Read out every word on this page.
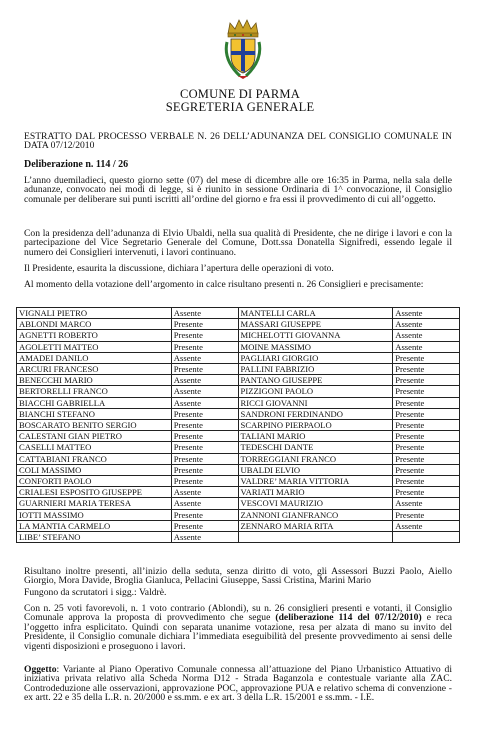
COMUNE DI PARMA
SEGRETERIA GENERALE
ESTRATTO DAL PROCESSO VERBALE N. 26 DELL’ADUNANZA DEL CONSIGLIO COMUNALE IN DATA 07/12/2010
Deliberazione n. 114 / 26
L’anno duemiladieci, questo giorno sette (07) del mese di dicembre alle ore 16:35 in Parma, nella sala delle adunanze, convocato nei modi di legge, si è riunito in sessione Ordinaria di 1^ convocazione, il Consiglio comunale per deliberare sui punti iscritti all’ordine del giorno e fra essi il provvedimento di cui all’oggetto.
Con la presidenza dell’adunanza di Elvio Ubaldi, nella sua qualità di Presidente, che ne dirige i lavori e con la partecipazione del Vice Segretario Generale del Comune, Dott.ssa Donatella Signifredi, essendo legale il numero dei Consiglieri intervenuti, i lavori continuano.
Il Presidente, esaurita la discussione, dichiara l’apertura delle operazioni di voto.
Al momento della votazione dell’argomento in calce risultano presenti n. 26 Consiglieri e precisamente:
VIGNALI PIETRO	Assente	MANTELLI CARLA	Assente
ABLONDI MARCO	Presente	MASSARI GIUSEPPE	Assente
AGNETTI ROBERTO	Presente	MICHELOTTI GIOVANNA	Assente
AGOLETTI MATTEO	Presente	MOINE MASSIMO	Assente
AMADEI DANILO	Assente	PAGLIARI GIORGIO	Presente
ARCURI FRANCESO	Presente	PALLINI FABRIZIO	Presente
BENECCHI MARIO	Assente	PANTANO GIUSEPPE	Presente
BERTORELLI FRANCO	Assente	PIZZIGONI PAOLO	Presente
BIACCHI GABRIELLA	Assente	RICCI GIOVANNI	Presente
BIANCHI STEFANO	Presente	SANDRONI FERDINANDO	Presente
BOSCARATO BENITO SERGIO	Presente	SCARPINO PIERPAOLO	Presente
CALESTANI GIAN PIETRO	Presente	TALIANI MARIO	Presente
CASELLI MATTEO	Presente	TEDESCHI DANTE	Presente
CATTABIANI FRANCO	Presente	TORREGGIANI FRANCO	Presente
COLI MASSIMO	Presente	UBALDI ELVIO	Presente
CONFORTI PAOLO	Presente	VALDRE’ MARIA VITTORIA	Presente
CRIALESI ESPOSITO GIUSEPPE	Assente	VARIATI MARIO	Presente
GUARNIERI MARIA TERESA	Assente	VESCOVI MAURIZIO	Assente
IOTTI MASSIMO	Presente	ZANNONI GIANFRANCO	Presente
LA MANTIA CARMELO	Presente	ZENNARO MARIA RITA	Assente
LIBE’ STEFANO	Assente		
Risultano inoltre presenti, all’inizio della seduta, senza diritto di voto, gli Assessori Buzzi Paolo, Aiello Giorgio, Mora Davide, Broglia Gianluca, Pellacini Giuseppe, Sassi Cristina, Marini Mario
Fungono da scrutatori i sigg.: Valdrè.
Con n. 25 voti favorevoli, n. 1 voto contrario (Ablondi), su n. 26 consiglieri presenti e votanti, il Consiglio Comunale approva la proposta di provvedimento che segue (deliberazione 114 del 07/12/2010) e reca l’oggetto infra esplicitato. Quindi con separata unanime votazione, resa per alzata di mano su invito del Presidente, il Consiglio comunale dichiara l’immediata eseguibilità del presente provvedimento ai sensi delle vigenti disposizioni e proseguono i lavori.
Oggetto: Variante al Piano Operativo Comunale connessa all’attuazione del Piano Urbanistico Attuativo di iniziativa privata relativo alla Scheda Norma D12 - Strada Baganzola e contestuale variante alla ZAC. Controdeduzione alle osservazioni, approvazione POC, approvazione PUA e relativo schema di convenzione - ex artt. 22 e 35 della L.R. n. 20/2000 e ss.mm. e ex art. 3 della L.R. 15/2001 e ss.mm. - I.E.
